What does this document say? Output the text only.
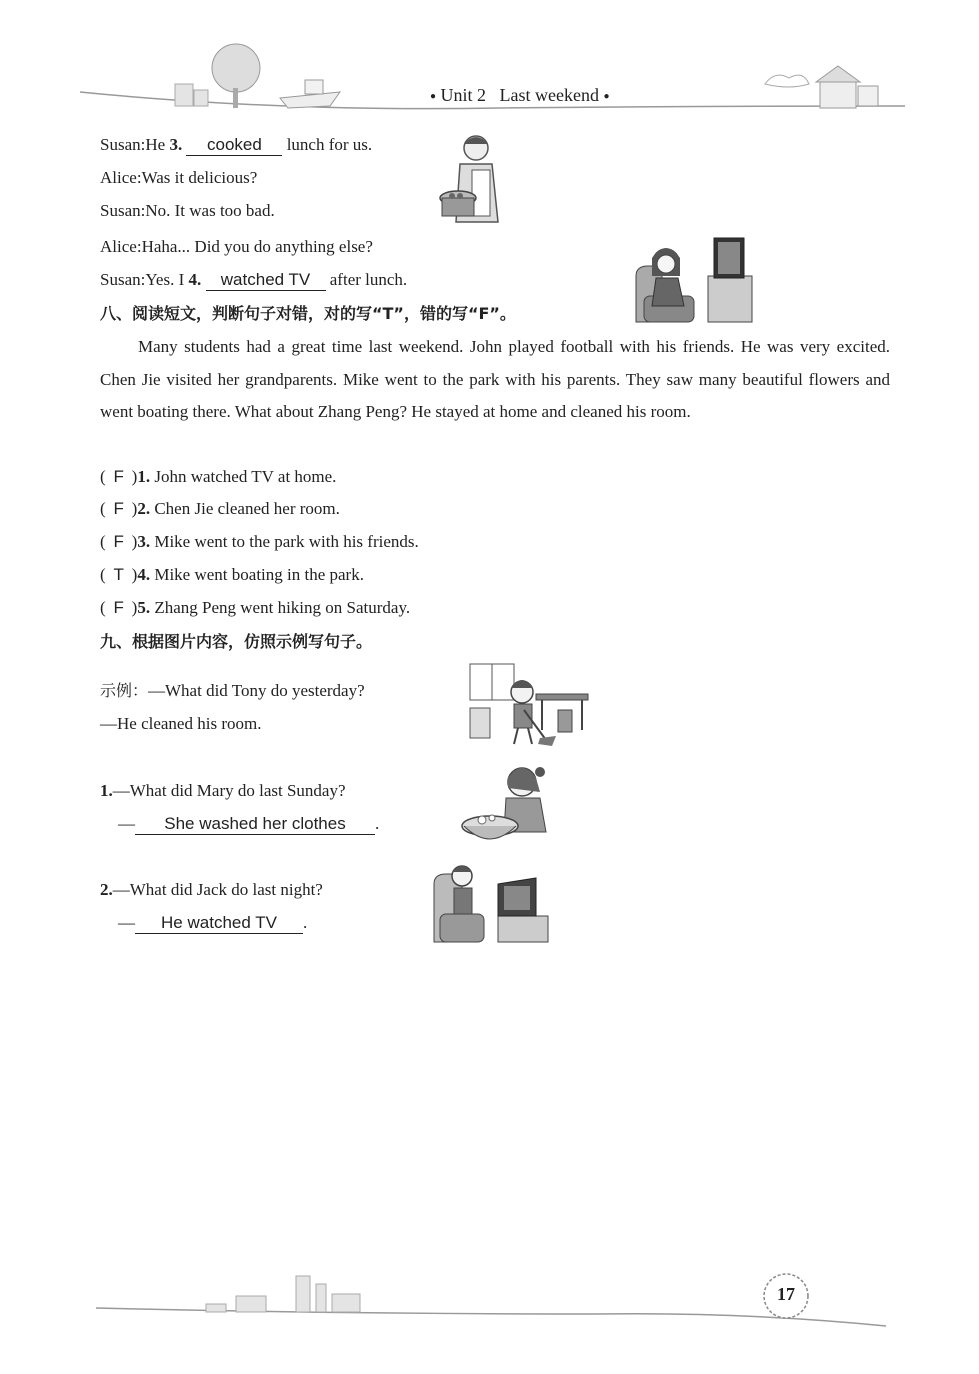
● Unit 2   Last weekend ●
Susan:He 3. cooked lunch for us.
Alice:Was it delicious?
Susan:No. It was too bad.
Alice:Haha... Did you do anything else?
Susan:Yes. I 4. watched TV after lunch.
八、阅读短文，判断句子对错，对的写“T”，错的写“F”。
Many students had a great time last weekend. John played football with his friends. He was very excited. Chen Jie visited her grandparents. Mike went to the park with his parents. They saw many beautiful flowers and went boating there. What about Zhang Peng? He stayed at home and cleaned his room.
( F )1. John watched TV at home.
( F )2. Chen Jie cleaned her room.
( F )3. Mike went to the park with his friends.
( T )4. Mike went boating in the park.
( F )5. Zhang Peng went hiking on Saturday.
九、根据图片内容，仿照示例写句子。
示例：—What did Tony do yesterday?
—He cleaned his room.
1.—What did Mary do last Sunday?
— She washed her clothes .
2.—What did Jack do last night?
— He watched TV .
17
